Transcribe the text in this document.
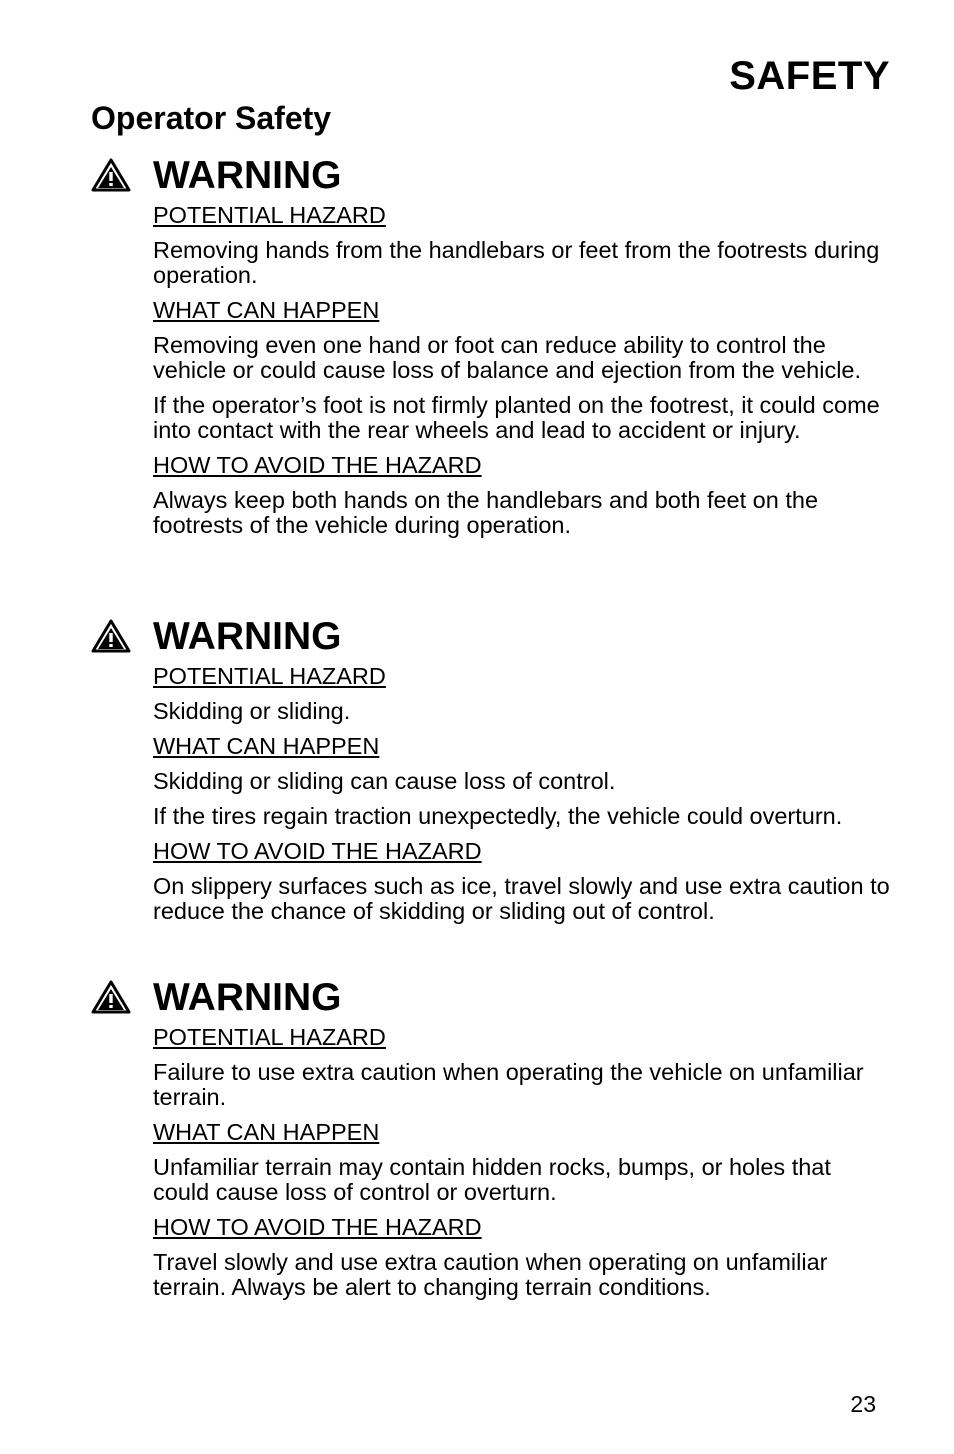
SAFETY
Operator Safety
WARNING

POTENTIAL HAZARD

Removing hands from the handlebars or feet from the footrests during operation.

WHAT CAN HAPPEN

Removing even one hand or foot can reduce ability to control the vehicle or could cause loss of balance and ejection from the vehicle.

If the operator’s foot is not firmly planted on the footrest, it could come into contact with the rear wheels and lead to accident or injury.

HOW TO AVOID THE HAZARD

Always keep both hands on the handlebars and both feet on the footrests of the vehicle during operation.

WARNING

POTENTIAL HAZARD

Skidding or sliding.

WHAT CAN HAPPEN

Skidding or sliding can cause loss of control.

If the tires regain traction unexpectedly, the vehicle could overturn.

HOW TO AVOID THE HAZARD

On slippery surfaces such as ice, travel slowly and use extra caution to reduce the chance of skidding or sliding out of control.

WARNING

POTENTIAL HAZARD

Failure to use extra caution when operating the vehicle on unfamiliar terrain.

WHAT CAN HAPPEN

Unfamiliar terrain may contain hidden rocks, bumps, or holes that could cause loss of control or overturn.

HOW TO AVOID THE HAZARD

Travel slowly and use extra caution when operating on unfamiliar terrain. Always be alert to changing terrain conditions.

23
